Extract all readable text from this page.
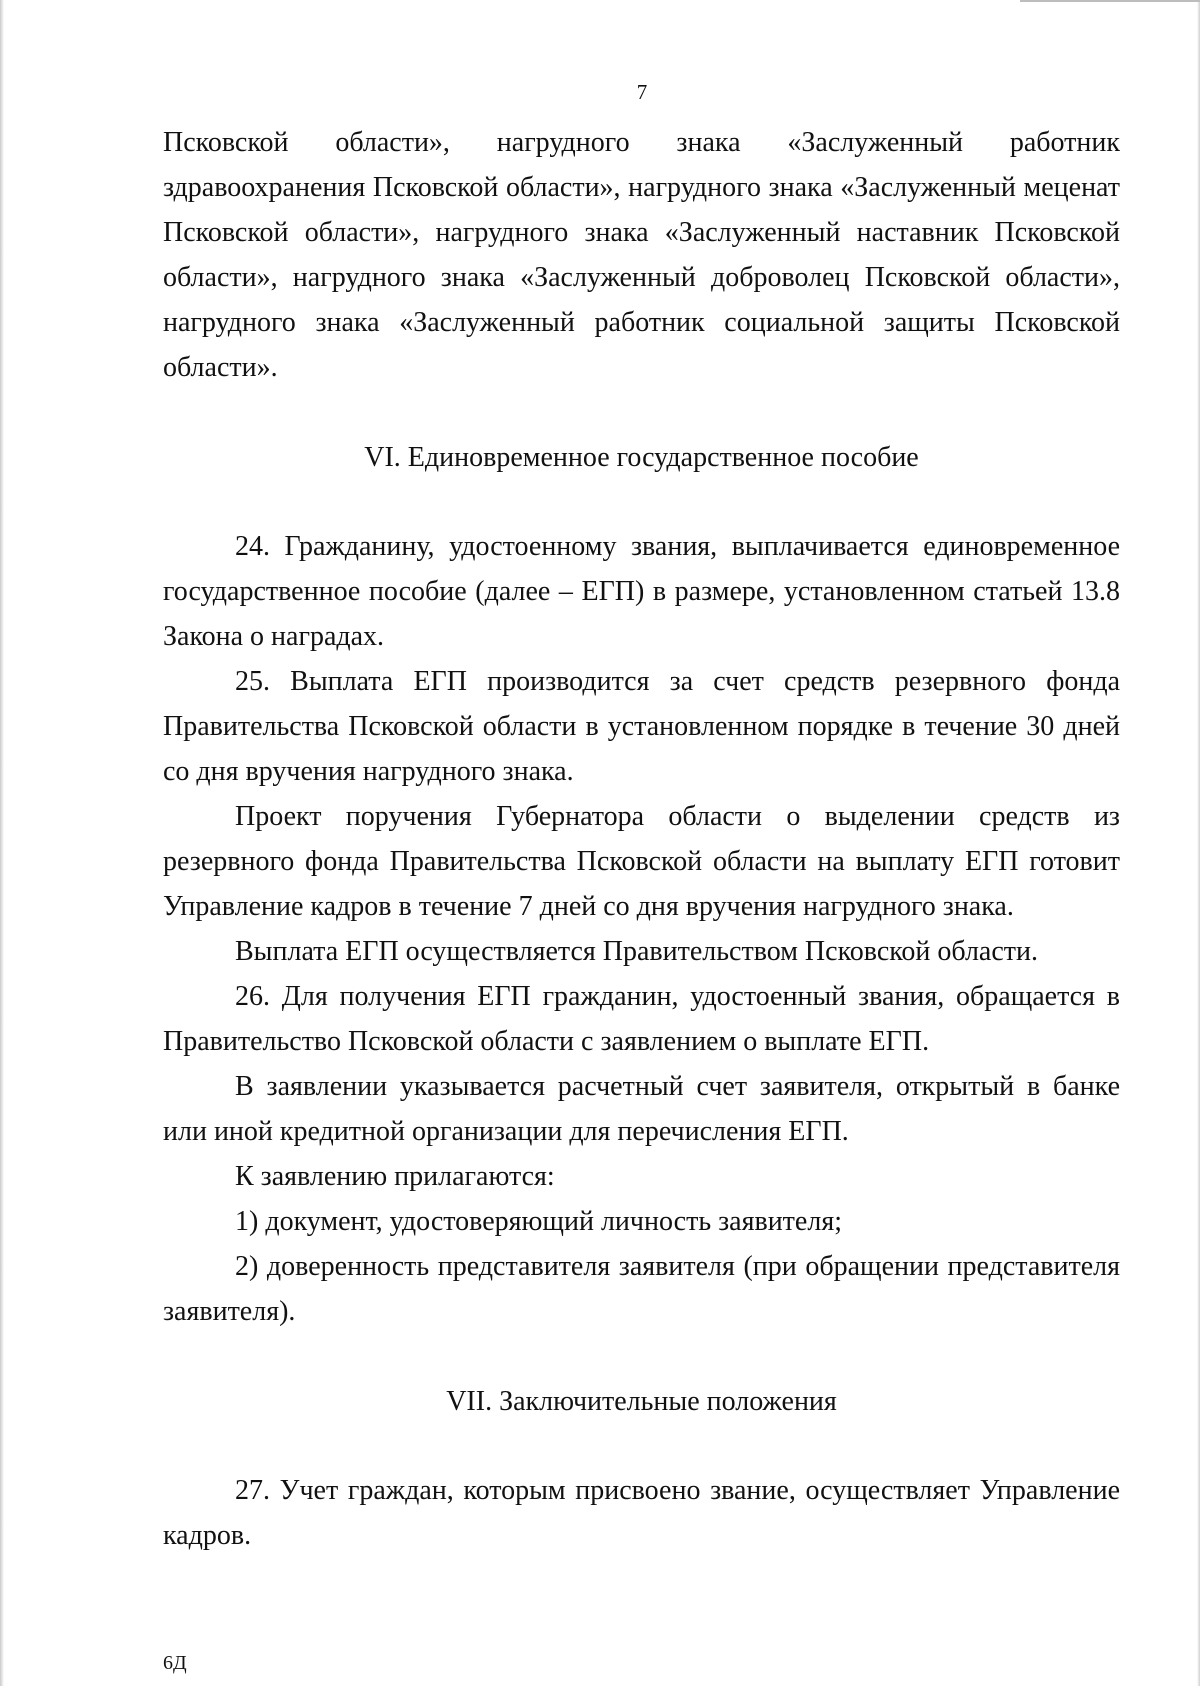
7

Псковской области», нагрудного знака «Заслуженный работник здравоохранения Псковской области», нагрудного знака «Заслуженный меценат Псковской области», нагрудного знака «Заслуженный наставник Псковской области», нагрудного знака «Заслуженный доброволец Псковской области», нагрудного знака «Заслуженный работник социальной защиты Псковской области».

VI. Единовременное государственное пособие

24. Гражданину, удостоенному звания, выплачивается единовременное государственное пособие (далее – ЕГП) в размере, установленном статьей 13.8 Закона о наградах.

25. Выплата ЕГП производится за счет средств резервного фонда Правительства Псковской области в установленном порядке в течение 30 дней со дня вручения нагрудного знака.

Проект поручения Губернатора области о выделении средств из резервного фонда Правительства Псковской области на выплату ЕГП готовит Управление кадров в течение 7 дней со дня вручения нагрудного знака.

Выплата ЕГП осуществляется Правительством Псковской области.

26. Для получения ЕГП гражданин, удостоенный звания, обращается в Правительство Псковской области с заявлением о выплате ЕГП.

В заявлении указывается расчетный счет заявителя, открытый в банке или иной кредитной организации для перечисления ЕГП.

К заявлению прилагаются:

1) документ, удостоверяющий личность заявителя;

2) доверенность представителя заявителя (при обращении представителя заявителя).

VII. Заключительные положения

27. Учет граждан, которым присвоено звание, осуществляет Управление кадров.

6Д
